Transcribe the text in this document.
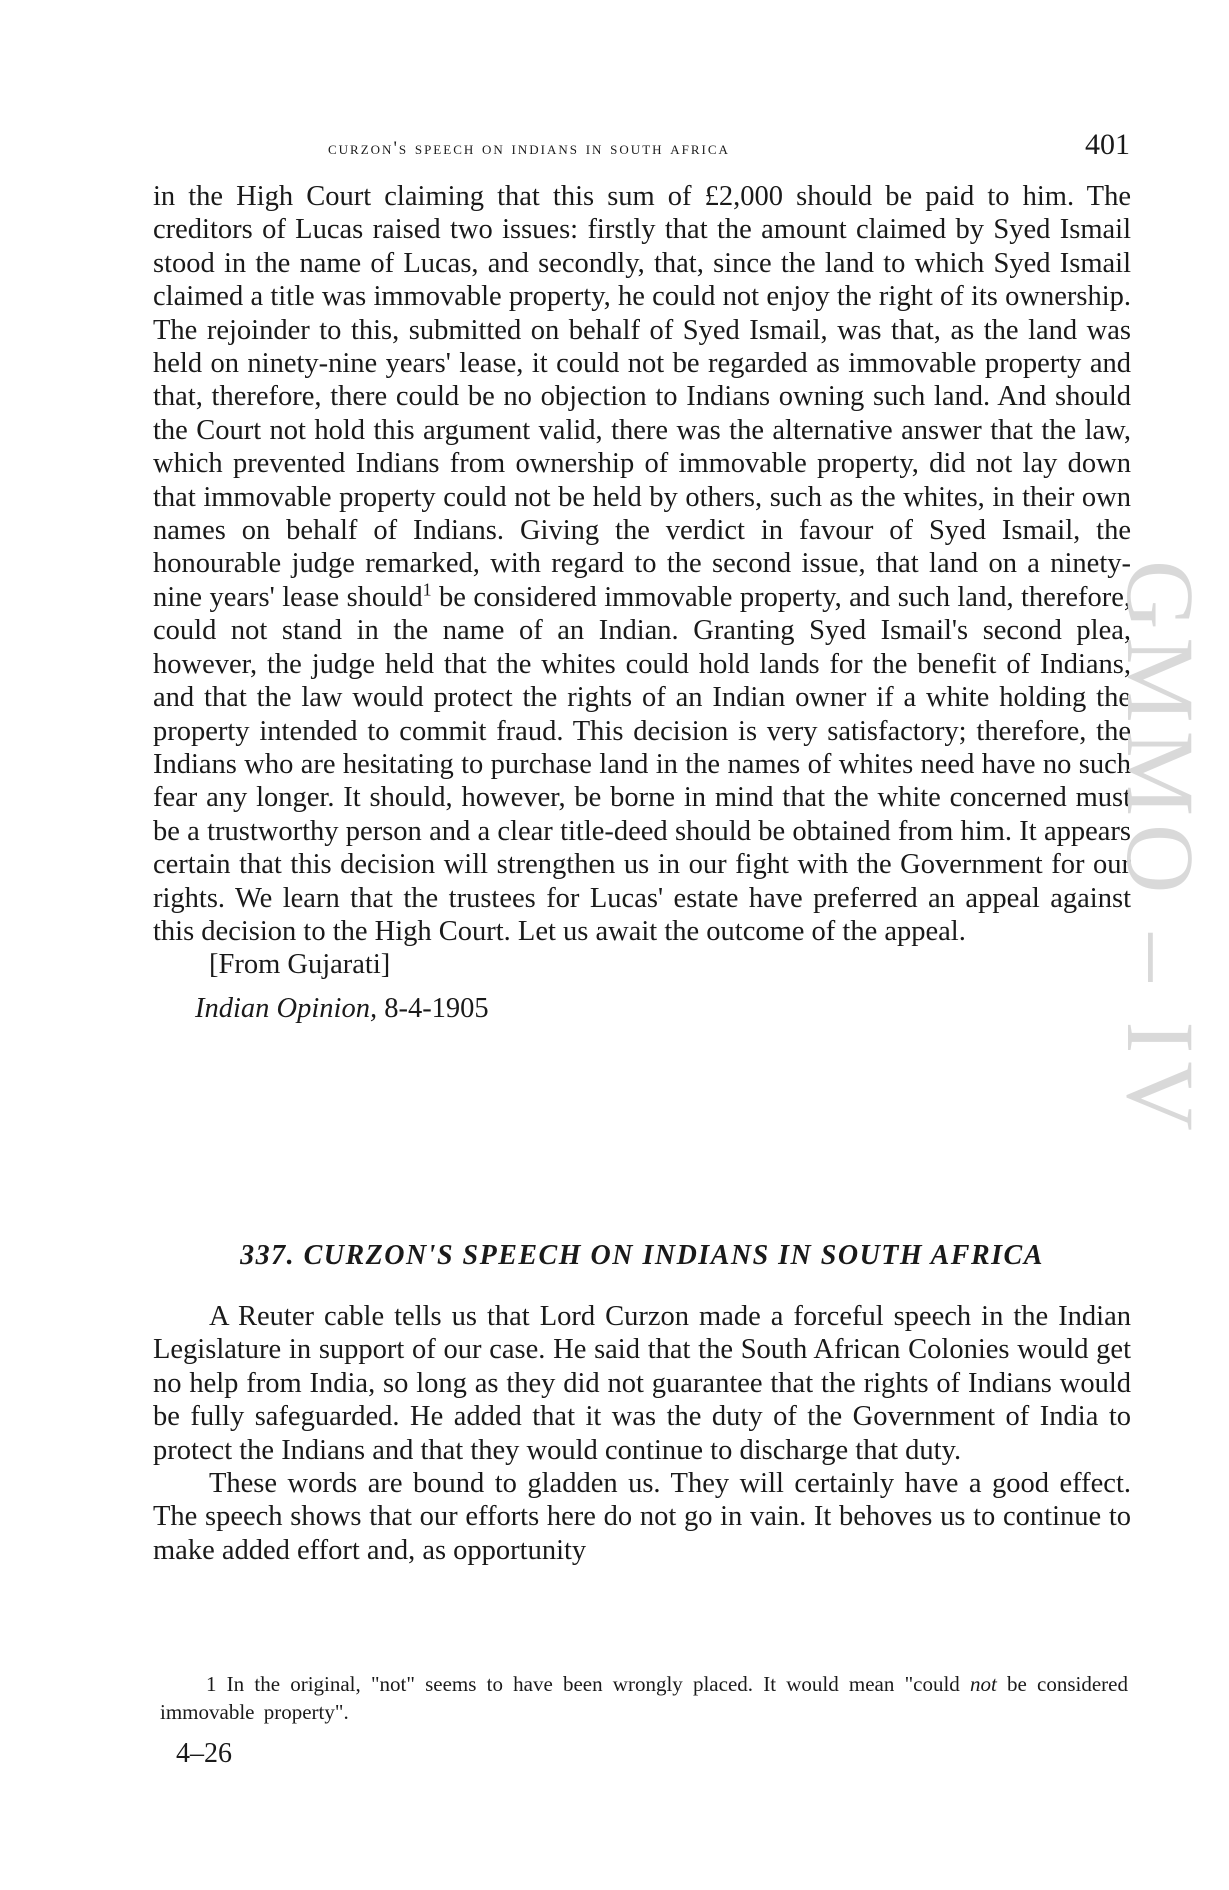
curzon's speech on indians in south africa	401

in the High Court claiming that this sum of £2,000 should be paid to him. The creditors of Lucas raised two issues: firstly that the amount claimed by Syed Ismail stood in the name of Lucas, and secondly, that, since the land to which Syed Ismail claimed a title was immovable property, he could not enjoy the right of its ownership. The rejoinder to this, submitted on behalf of Syed Ismail, was that, as the land was held on ninety-nine years' lease, it could not be regarded as immovable property and that, therefore, there could be no objection to Indians owning such land. And should the Court not hold this argument valid, there was the alternative answer that the law, which prevented Indians from ownership of immovable property, did not lay down that immovable property could not be held by others, such as the whites, in their own names on behalf of Indians. Giving the verdict in favour of Syed Ismail, the honourable judge remarked, with regard to the second issue, that land on a ninety-nine years' lease should$^1$ be considered immovable property, and such land, therefore, could not stand in the name of an Indian. Granting Syed Ismail's second plea, however, the judge held that the whites could hold lands for the benefit of Indians, and that the law would protect the rights of an Indian owner if a white holding the property intended to commit fraud. This decision is very satisfactory; therefore, the Indians who are hesitating to purchase land in the names of whites need have no such fear any longer. It should, however, be borne in mind that the white concerned must be a trustworthy person and a clear title-deed should be obtained from him. It appears certain that this decision will strengthen us in our fight with the Government for our rights. We learn that the trustees for Lucas' estate have preferred an appeal against this decision to the High Court. Let us await the outcome of the appeal.

[From Gujarati]

Indian Opinion, 8-4-1905

337. CURZON'S SPEECH ON INDIANS IN SOUTH AFRICA

A Reuter cable tells us that Lord Curzon made a forceful speech in the Indian Legislature in support of our case. He said that the South African Colonies would get no help from India, so long as they did not guarantee that the rights of Indians would be fully safeguarded. He added that it was the duty of the Government of India to protect the Indians and that they would continue to discharge that duty.

These words are bound to gladden us. They will certainly have a good effect. The speech shows that our efforts here do not go in vain. It behoves us to continue to make added effort and, as opportunity

1 In the original, "not" seems to have been wrongly placed. It would mean "could not be considered immovable property".
4–26
GMMO – IV
